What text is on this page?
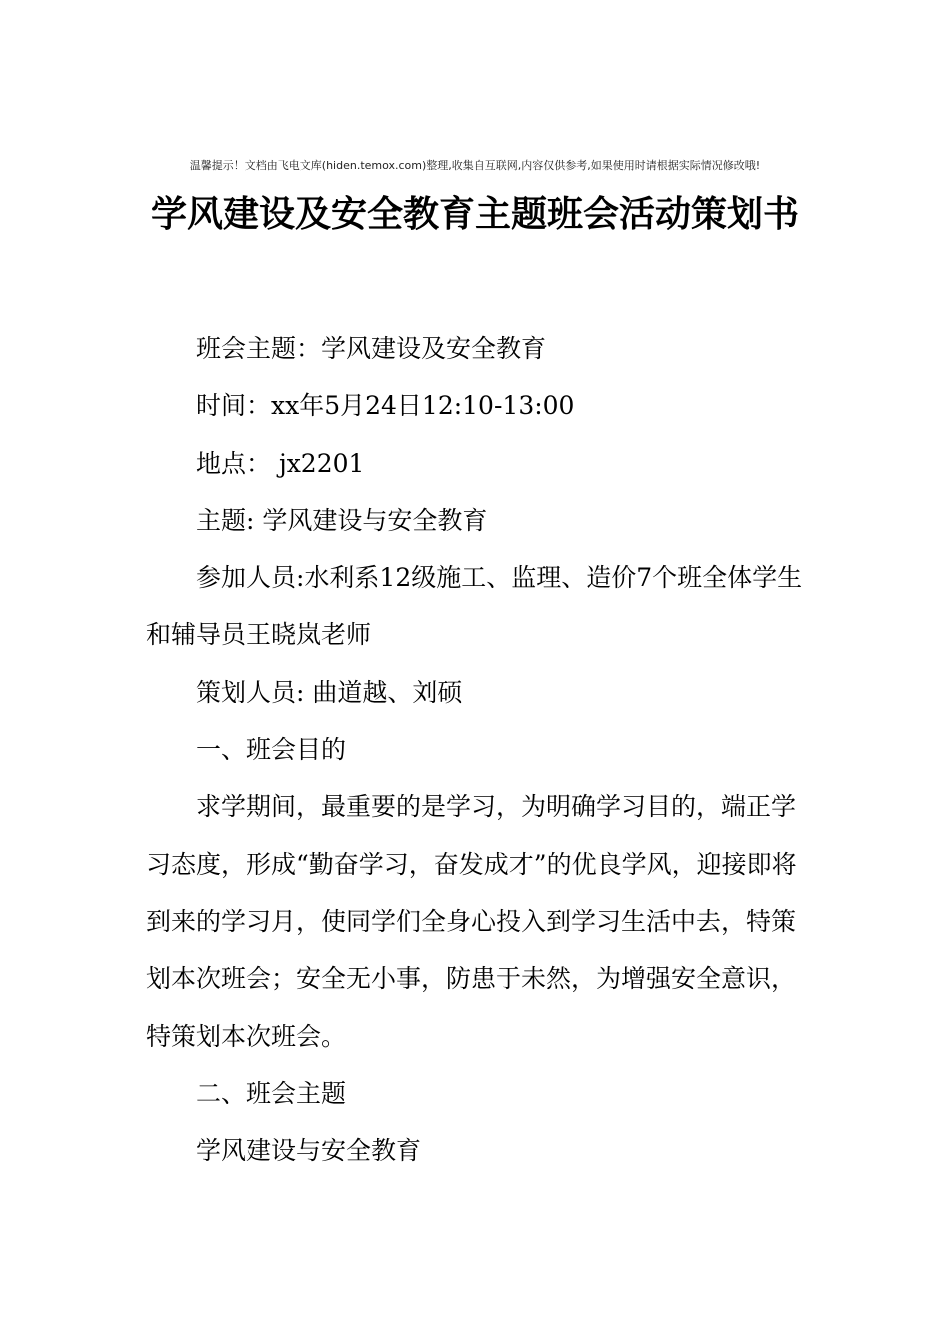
温馨提示！文档由飞电文库(hiden.temox.com)整理,收集自互联网,内容仅供参考,如果使用时请根据实际情况修改哦!
学风建设及安全教育主题班会活动策划书

班会主题：学风建设及安全教育

时间：xx年5月24日12:10-13:00

地点： jx2201

主题: 学风建设与安全教育

参加人员:水利系12级施工、监理、造价7个班全体学生和辅导员王晓岚老师

策划人员: 曲道越、刘硕

一、班会目的

求学期间，最重要的是学习，为明确学习目的，端正学习态度，形成“勤奋学习，奋发成才”的优良学风，迎接即将到来的学习月，使同学们全身心投入到学习生活中去，特策划本次班会；安全无小事，防患于未然，为增强安全意识，特策划本次班会。

二、班会主题

学风建设与安全教育
